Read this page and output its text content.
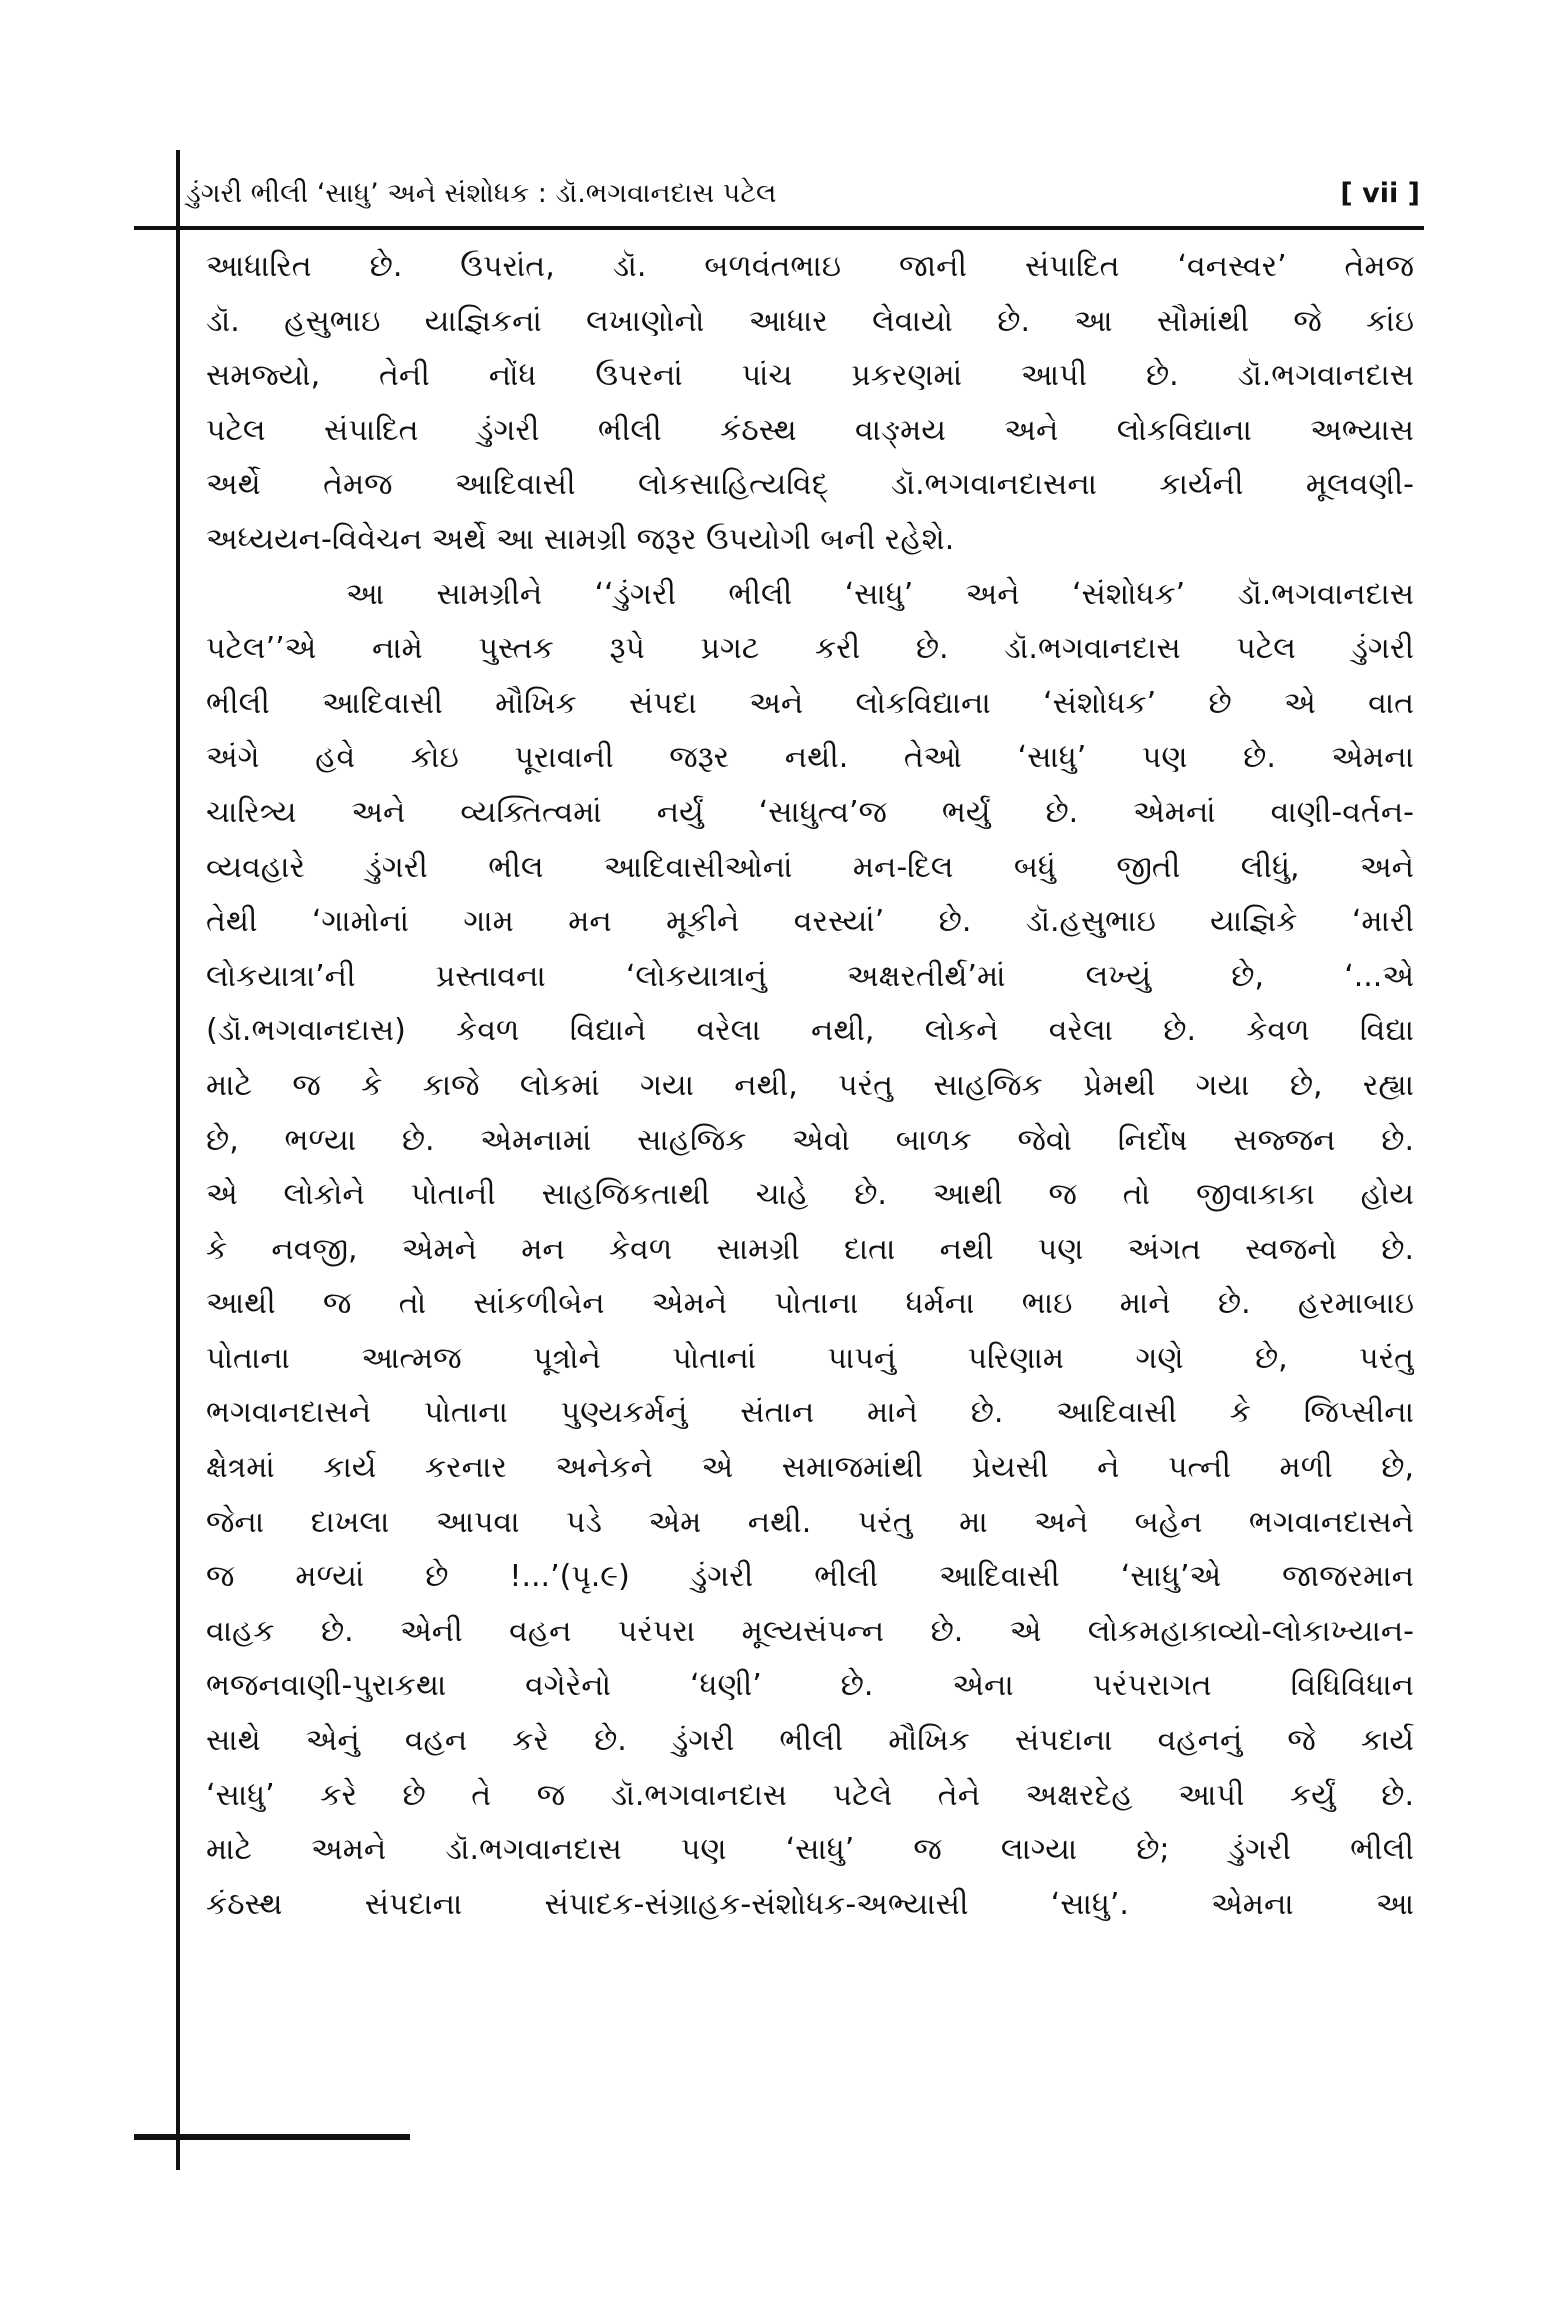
ડુંગરી ભીલી ‘સાધુ’ અને સંશોધક : ડૉ.ભગવાનદાસ પટેલ	[ vii ]
આધારિત છે. ઉપરાંત, ડૉ. બળવંતભાઇ જાની સંપાદિત ‘વનસ્વર’ તેમજ
ડૉ. હસુભાઇ યાજ્ઞિકનાં લખાણોનો આધાર લેવાયો છે. આ સૌમાંથી જે કાંઇ
સમજ્યો, તેની નોંધ ઉપરનાં પાંચ પ્રકરણમાં આપી છે. ડૉ.ભગવાનદાસ
પટેલ સંપાદિત ડુંગરી ભીલી કંઠસ્થ વાઙ્મય અને લોકવિદ્યાના અભ્યાસ
અર્થે તેમજ આદિવાસી લોકસાહિત્યવિદ્ ડૉ.ભગવાનદાસના કાર્યની મૂલવણી-
અધ્યયન-વિવેચન અર્થે આ સામગ્રી જરૂર ઉપયોગી બની રહેશે.
આ સામગ્રીને ‘‘ડુંગરી ભીલી ‘સાધુ’ અને ‘સંશોધક’ ડૉ.ભગવાનદાસ
પટેલ’’એ નામે પુસ્તક રૂપે પ્રગટ કરી છે. ડૉ.ભગવાનદાસ પટેલ ડુંગરી
ભીલી આદિવાસી મૌખિક સંપદા અને લોકવિદ્યાના ‘સંશોધક’ છે એ વાત
અંગે હવે કોઇ પૂરાવાની જરૂર નથી. તેઓ ‘સાધુ’ પણ છે. એમના
ચારિત્ર્ય અને વ્યક્તિત્વમાં નર્યું ‘સાધુત્વ’જ ભર્યું છે. એમનાં વાણી-વર્તન-
વ્યવહારે ડુંગરી ભીલ આદિવાસીઓનાં મન-દિલ બધું જીતી લીધું, અને
તેથી ‘ગામોનાં ગામ મન મૂકીને વરસ્યાં’ છે. ડૉ.હસુભાઇ યાજ્ઞિકે ‘મારી
લોકયાત્રા’ની પ્રસ્તાવના ‘લોકયાત્રાનું અક્ષરતીર્થ’માં લખ્યું છે, ‘...એ
(ડૉ.ભગવાનદાસ) કેવળ વિદ્યાને વરેલા નથી, લોકને વરેલા છે. કેવળ વિદ્યા
માટે જ કે કાજે લોકમાં ગયા નથી, પરંતુ સાહજિક પ્રેમથી ગયા છે, રહ્યા
છે, ભળ્યા છે. એમનામાં સાહજિક એવો બાળક જેવો નિર્દોષ સજ્જન છે.
એ લોકોને પોતાની સાહજિકતાથી ચાહે છે. આથી જ તો જીવાકાકા હોય
કે નવજી, એમને મન કેવળ સામગ્રી દાતા નથી પણ અંગત સ્વજનો છે.
આથી જ તો સાંકળીબેન એમને પોતાના ધર્મના ભાઇ માને છે. હરમાબાઇ
પોતાના આત્મજ પૂત્રોને પોતાનાં પાપનું પરિણામ ગણે છે, પરંતુ
ભગવાનદાસને પોતાના પુણ્યકર્મનું સંતાન માને છે. આદિવાસી કે જિપ્સીના
ક્ષેત્રમાં કાર્ય કરનાર અનેકને એ સમાજમાંથી પ્રેયસી ને પત્ની મળી છે,
જેના દાખલા આપવા પડે એમ નથી. પરંતુ મા અને બહેન ભગવાનદાસને
જ મળ્યાં છે !...’(પૃ.૯) ડુંગરી ભીલી આદિવાસી ‘સાધુ’એ જાજરમાન
વાહક છે. એની વહન પરંપરા મૂલ્યસંપન્ન છે. એ લોકમહાકાવ્યો-લોકાખ્યાન-
ભજનવાણી-પુરાકથા વગેરેનો ‘ધણી’ છે. એના પરંપરાગત વિધિવિધાન
સાથે એનું વહન કરે છે. ડુંગરી ભીલી મૌખિક સંપદાના વહનનું જે કાર્ય
‘સાધુ’ કરે છે તે જ ડૉ.ભગવાનદાસ પટેલે તેને અક્ષરદેહ આપી કર્યું છે.
માટે અમને ડૉ.ભગવાનદાસ પણ ‘સાધુ’ જ લાગ્યા છે; ડુંગરી ભીલી
કંઠસ્થ સંપદાના સંપાદક-સંગ્રાહક-સંશોધક-અભ્યાસી ‘સાધુ’. એમના આ
